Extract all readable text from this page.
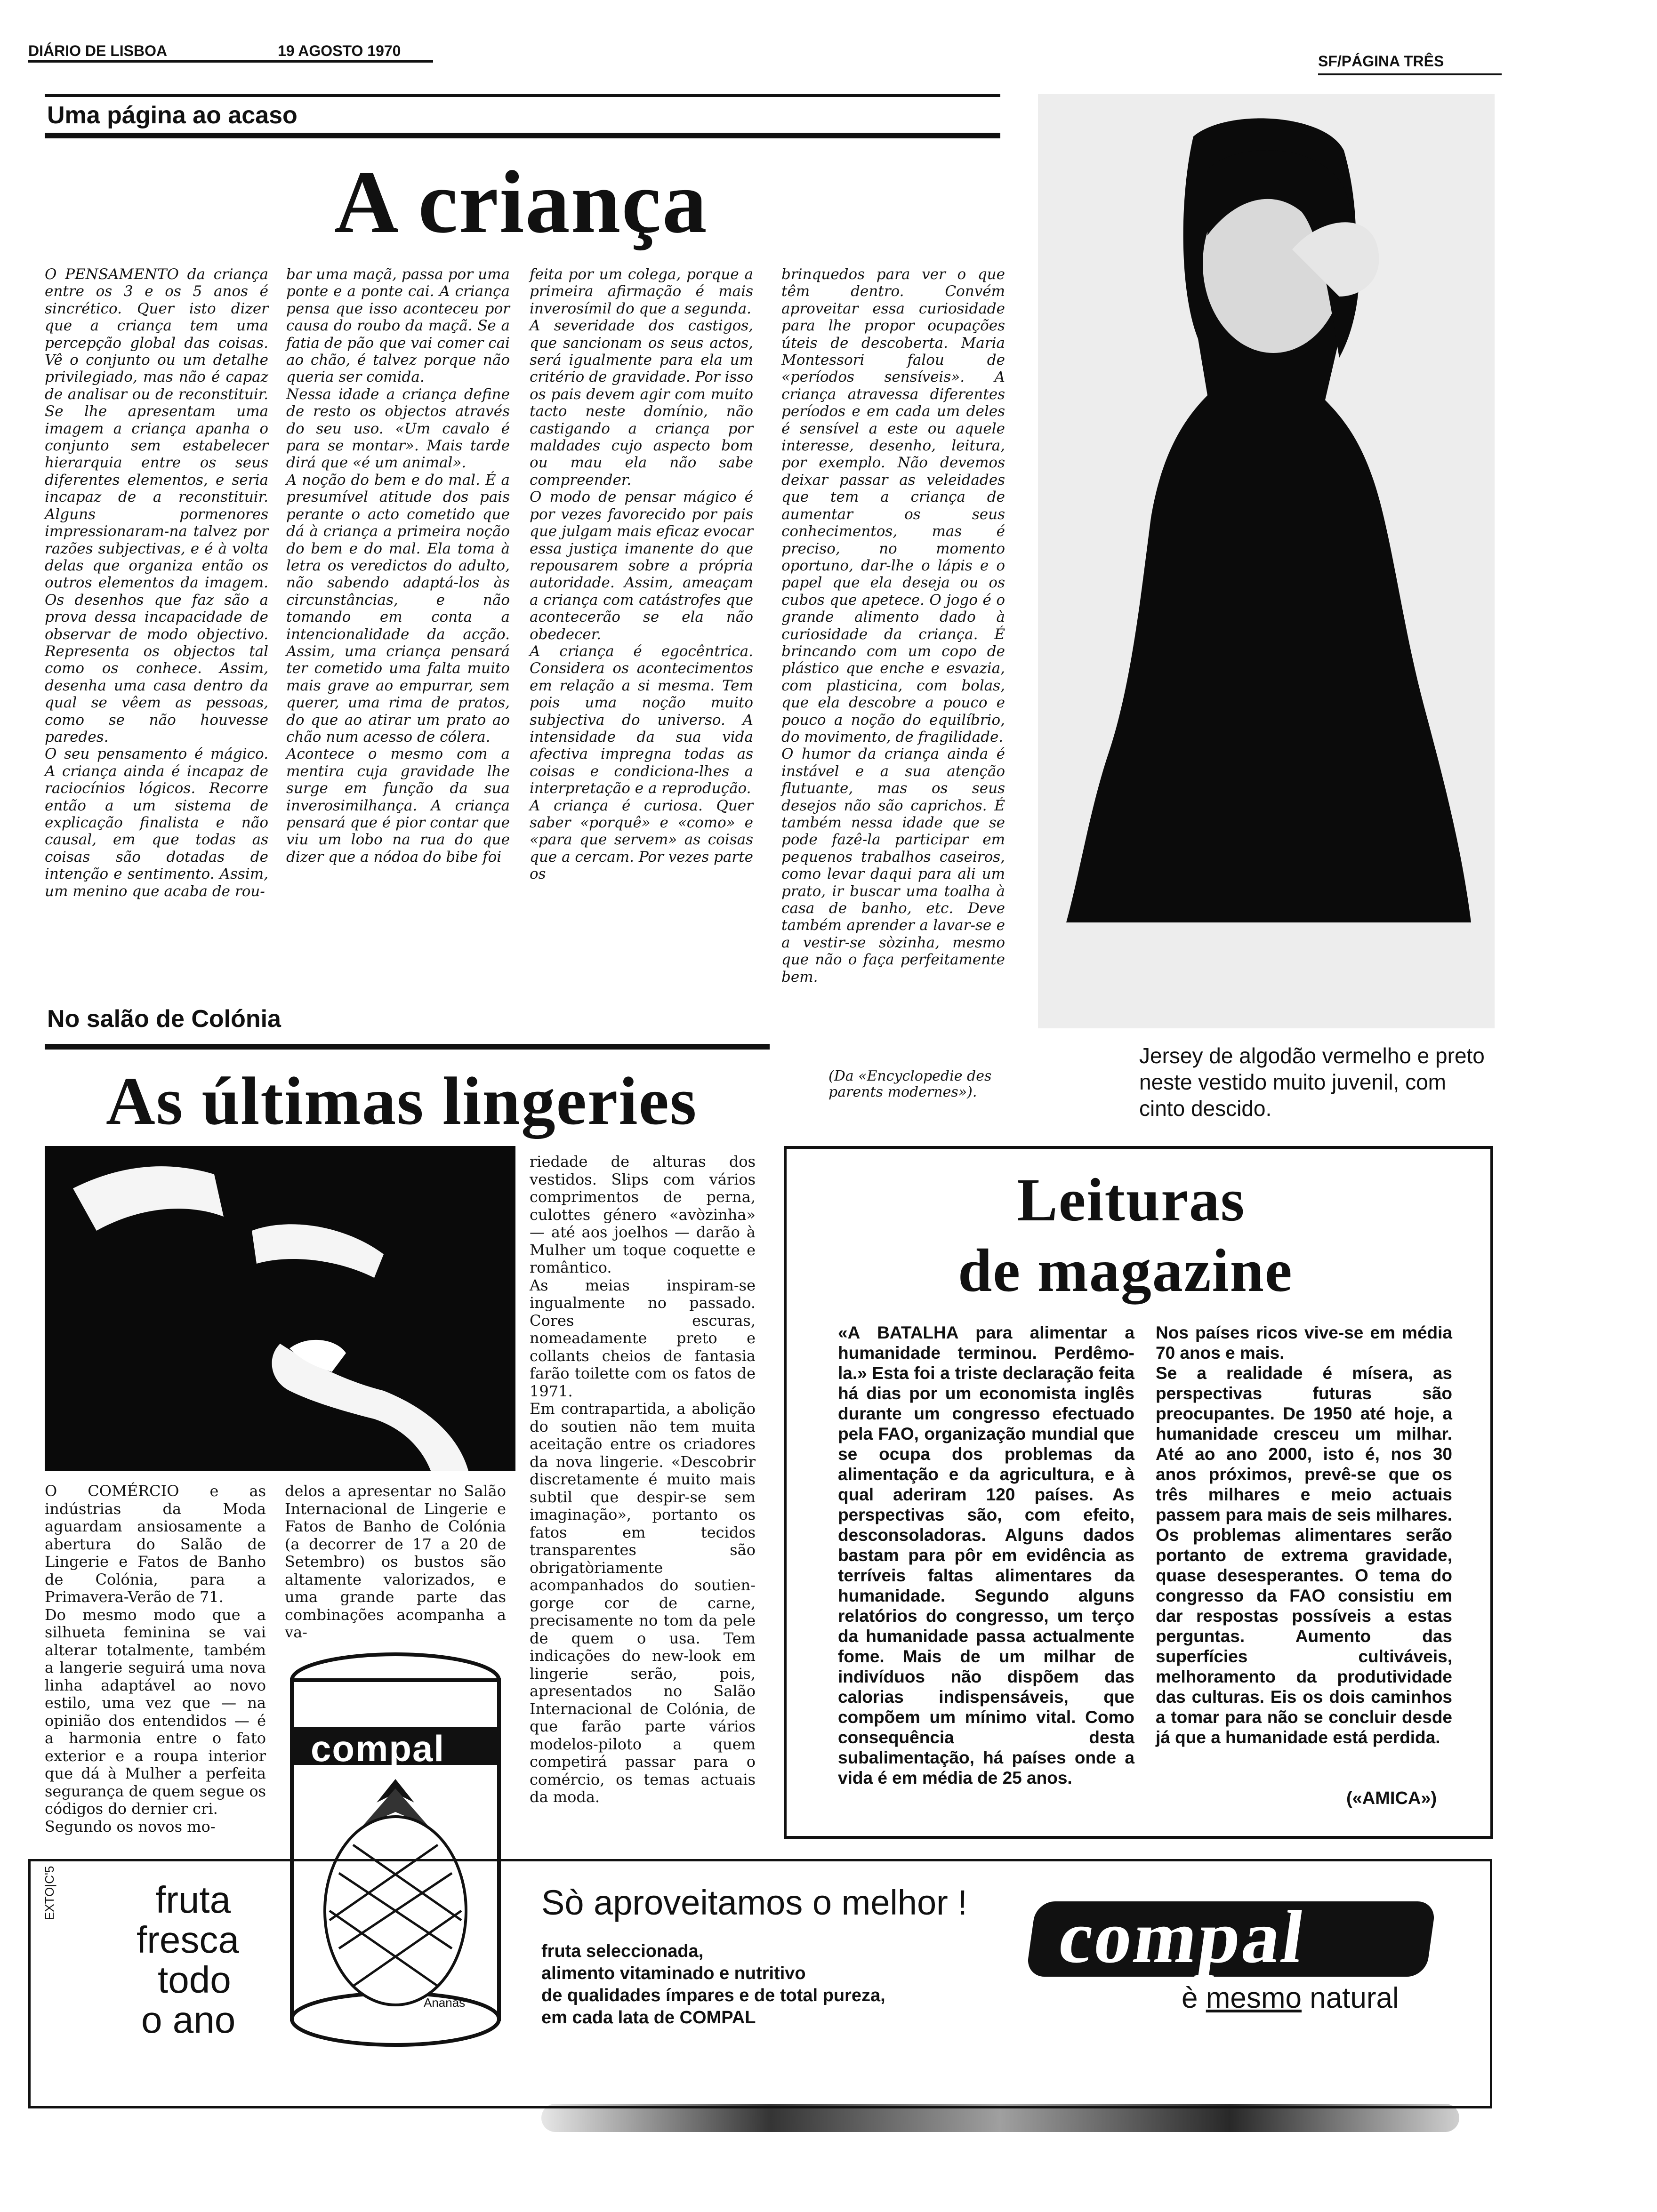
DIÁRIO DE LISBOA	19 AGOSTO 1970
SF/PÁGINA TRÊS
Uma página ao acaso
A criança

O PENSAMENTO da criança entre os 3 e os 5 anos é sincrético. Quer isto dizer que a criança tem uma percepção global das coisas. Vê o conjunto ou um detalhe privilegiado, mas não é capaz de analisar ou de reconstituir. Se lhe apresentam uma imagem a criança apanha o conjunto sem estabelecer hierarquia entre os seus diferentes elementos, e seria incapaz de a reconstituir. Alguns pormenores impressionaram-na talvez por razões subjectivas, e é à volta delas que organiza então os outros elementos da imagem. Os desenhos que faz são a prova dessa incapacidade de observar de modo objectivo. Representa os objectos tal como os conhece. Assim, desenha uma casa dentro da qual se vêem as pessoas, como se não houvesse paredes.
O seu pensamento é mágico. A criança ainda é incapaz de raciocínios lógicos. Recorre então a um sistema de explicação finalista e não causal, em que todas as coisas são dotadas de intenção e sentimento. Assim, um menino que acaba de rou-

bar uma maçã, passa por uma ponte e a ponte cai. A criança pensa que isso aconteceu por causa do roubo da maçã. Se a fatia de pão que vai comer cai ao chão, é talvez porque não queria ser comida.
Nessa idade a criança define de resto os objectos através do seu uso. «Um cavalo é para se montar». Mais tarde dirá que «é um animal».
A noção do bem e do mal. É a presumível atitude dos pais perante o acto cometido que dá à criança a primeira noção do bem e do mal. Ela toma à letra os veredictos do adulto, não sabendo adaptá-los às circunstâncias, e não tomando em conta a intencionalidade da acção. Assim, uma criança pensará ter cometido uma falta muito mais grave ao empurrar, sem querer, uma rima de pratos, do que ao atirar um prato ao chão num acesso de cólera.
Acontece o mesmo com a mentira cuja gravidade lhe surge em função da sua inverosimilhança. A criança pensará que é pior contar que viu um lobo na rua do que dizer que a nódoa do bibe foi

feita por um colega, porque a primeira afirmação é mais inverosímil do que a segunda.
A severidade dos castigos, que sancionam os seus actos, será igualmente para ela um critério de gravidade. Por isso os pais devem agir com muito tacto neste domínio, não castigando a criança por maldades cujo aspecto bom ou mau ela não sabe compreender.
O modo de pensar mágico é por vezes favorecido por pais que julgam mais eficaz evocar essa justiça imanente do que repousarem sobre a própria autoridade. Assim, ameaçam a criança com catástrofes que acontecerão se ela não obedecer.
A criança é egocêntrica. Considera os acontecimentos em relação a si mesma. Tem pois uma noção muito subjectiva do universo. A intensidade da sua vida afectiva impregna todas as coisas e condiciona-lhes a interpretação e a reprodução.
A criança é curiosa. Quer saber «porquê» e «como» e «para que servem» as coisas que a cercam. Por vezes parte os

brinquedos para ver o que têm dentro. Convém aproveitar essa curiosidade para lhe propor ocupações úteis de descoberta. Maria Montessori falou de «períodos sensíveis». A criança atravessa diferentes períodos e em cada um deles é sensível a este ou aquele interesse, desenho, leitura, por exemplo. Não devemos deixar passar as veleidades que tem a criança de aumentar os seus conhecimentos, mas é preciso, no momento oportuno, dar-lhe o lápis e o papel que ela deseja ou os cubos que apetece. O jogo é o grande alimento dado à curiosidade da criança. É brincando com um copo de plástico que enche e esvazia, com plasticina, com bolas, que ela descobre a pouco e pouco a noção do equilíbrio, do movimento, de fragilidade.
O humor da criança ainda é instável e a sua atenção flutuante, mas os seus desejos não são caprichos. É também nessa idade que se pode fazê-la participar em pequenos trabalhos caseiros, como levar daqui para ali um prato, ir buscar uma toalha à casa de banho, etc. Deve também aprender a lavar-se e a vestir-se sòzinha, mesmo que não o faça perfeitamente bem.

(Da «Encyclopedie des parents modernes»).
Jersey de algodão vermelho e preto neste vestido muito juvenil, com cinto descido.
No salão de Colónia
As últimas lingeries

O COMÉRCIO e as indústrias da Moda aguardam ansiosamente a abertura do Salão de Lingerie e Fatos de Banho de Colónia, para a Primavera-Verão de 71.
Do mesmo modo que a silhueta feminina se vai alterar totalmente, também a langerie seguirá uma nova linha adaptável ao novo estilo, uma vez que — na opinião dos entendidos — é a harmonia entre o fato exterior e a roupa interior que dá à Mulher a perfeita segurança de quem segue os códigos do dernier cri.
Segundo os novos mo-

delos a apresentar no Salão Internacional de Lingerie e Fatos de Banho de Colónia (a decorrer de 17 a 20 de Setembro) os bustos são altamente valorizados, e uma grande parte das combinações acompanha a va-

riedade de alturas dos vestidos. Slips com vários comprimentos de perna, culottes género «avòzinha» — até aos joelhos — darão à Mulher um toque coquette e romântico.
As meias inspiram-se ingualmente no passado. Cores escuras, nomeadamente preto e collants cheios de fantasia farão toilette com os fatos de 1971.
Em contrapartida, a abolição do soutien não tem muita aceitação entre os criadores da nova lingerie. «Descobrir discretamente é muito mais subtil que despir-se sem imaginação», portanto os fatos em tecidos transparentes são obrigatòriamente acompanhados do soutien-gorge cor de carne, precisamente no tom da pele de quem o usa. Tem indicações do new-look em lingerie serão, pois, apresentados no Salão Internacional de Colónia, de que farão parte vários modelos-piloto a quem competirá passar para o comércio, os temas actuais da moda.

compal
Ananás
Leituras
de magazine

«A BATALHA para alimentar a humanidade terminou. Perdêmo-la.» Esta foi a triste declaração feita há dias por um economista inglês durante um congresso efectuado pela FAO, organização mundial que se ocupa dos problemas da alimentação e da agricultura, e à qual aderiram 120 países. As perspectivas são, com efeito, desconsoladoras. Alguns dados bastam para pôr em evidência as terríveis faltas alimentares da humanidade. Segundo alguns relatórios do congresso, um terço da humanidade passa actualmente fome. Mais de um milhar de indivíduos não dispõem das calorias indispensáveis, que compõem um mínimo vital. Como consequência desta subalimentação, há países onde a vida é em média de 25 anos.

Nos países ricos vive-se em média 70 anos e mais.
Se a realidade é mísera, as perspectivas futuras são preocupantes. De 1950 até hoje, a humanidade cresceu um milhar. Até ao ano 2000, isto é, nos 30 anos próximos, prevê-se que os três milhares e meio actuais passem para mais de seis milhares. Os problemas alimentares serão portanto de extrema gravidade, quase desesperantes. O tema do congresso da FAO consistiu em dar respostas possíveis a estas perguntas. Aumento das superfícies cultiváveis, melhoramento da produtividade das culturas. Eis os dois caminhos a tomar para não se concluir desde já que a humanidade está perdida.

(«AMICA»)
EXTO|C'5	fruta
fresca
todo
o ano
Sò aproveitamos o melhor !
fruta seleccionada,
alimento vitaminado e nutritivo
de qualidades ímpares e de total pureza,
em cada lata de COMPAL
compal
è mesmo natural
